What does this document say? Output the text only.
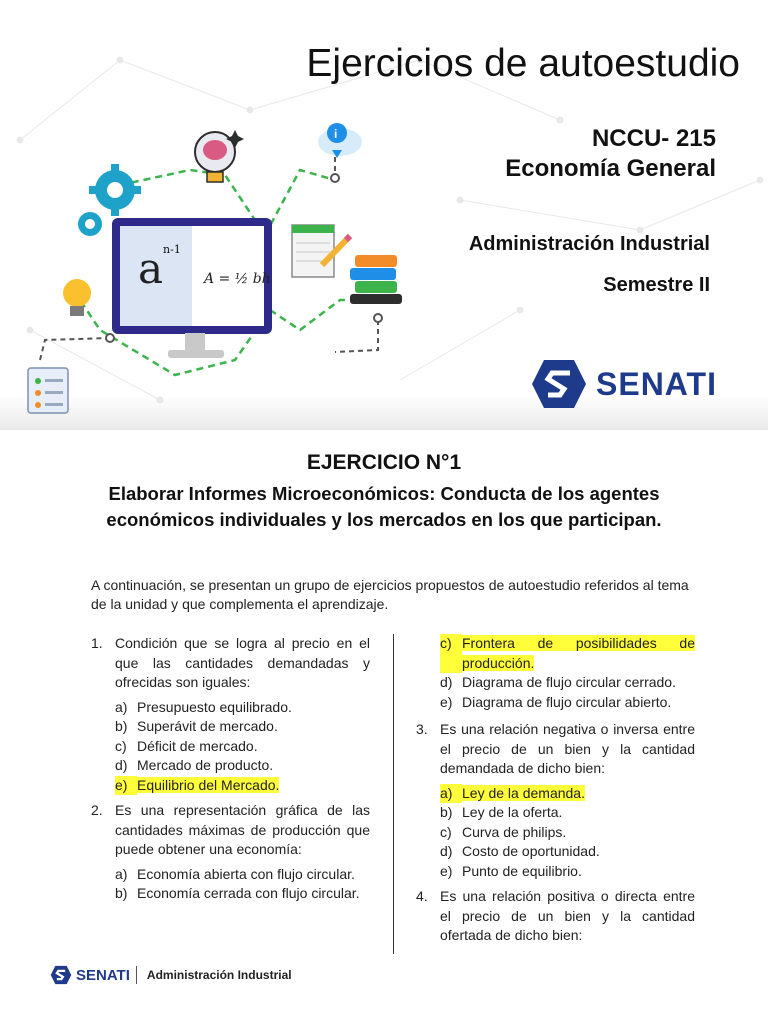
i
$a^{n-1}$ A = ½ bh
Ejercicios de autoestudio
NCCU- 215
Economía General
Administración Industrial
Semestre II
SENATI
EJERCICIO N°1
Elaborar Informes Microeconómicos: Conducta de los agentes económicos individuales y los mercados en los que participan.

A continuación, se presentan un grupo de ejercicios propuestos de autoestudio referidos al tema de la unidad y que complementa el aprendizaje.

1. Condición que se logra al precio en el que las cantidades demandadas y ofrecidas son iguales:
a) Presupuesto equilibrado.
b) Superávit de mercado.
c) Déficit de mercado.
d) Mercado de producto.
e) Equilibrio del Mercado.
2. Es una representación gráfica de las cantidades máximas de producción que puede obtener una economía:
a) Economía abierta con flujo circular.
b) Economía cerrada con flujo circular.
c) Frontera de posibilidades de producción.
d) Diagrama de flujo circular cerrado.
e) Diagrama de flujo circular abierto.
3. Es una relación negativa o inversa entre el precio de un bien y la cantidad demandada de dicho bien:
a) Ley de la demanda.
b) Ley de la oferta.
c) Curva de philips.
d) Costo de oportunidad.
e) Punto de equilibrio.
4. Es una relación positiva o directa entre el precio de un bien y la cantidad ofertada de dicho bien:
SENATI Administración Industrial
